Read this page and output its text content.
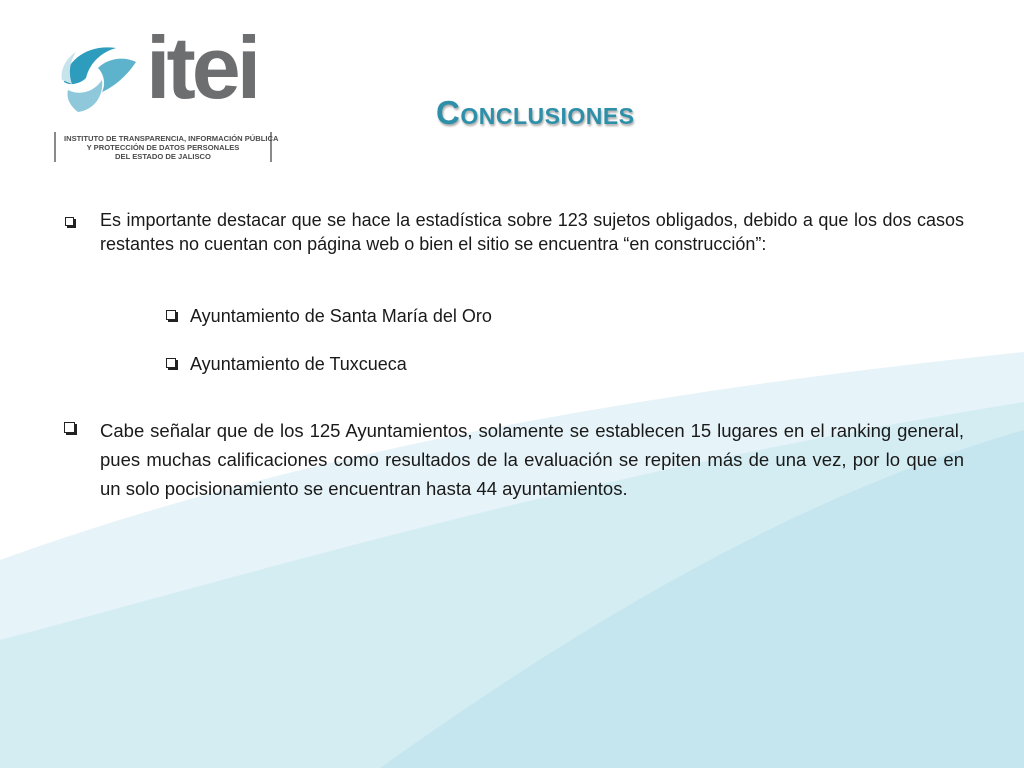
itei
INSTITUTO DE TRANSPARENCIA, INFORMACIÓN PÚBLICA
Y PROTECCIÓN DE DATOS PERSONALES
DEL ESTADO DE JALISCO
Conclusiones
Es importante destacar que se hace la estadística sobre 123 sujetos obligados, debido a que los dos casos restantes no cuentan con página web o bien el sitio se encuentra “en construcción”:
Ayuntamiento de Santa María del Oro
Ayuntamiento de Tuxcueca
Cabe señalar que de los 125 Ayuntamientos, solamente se establecen 15 lugares en el ranking general, pues muchas calificaciones como resultados de la evaluación se repiten más de una vez, por lo que en un solo pocisionamiento se encuentran hasta 44 ayuntamientos.
